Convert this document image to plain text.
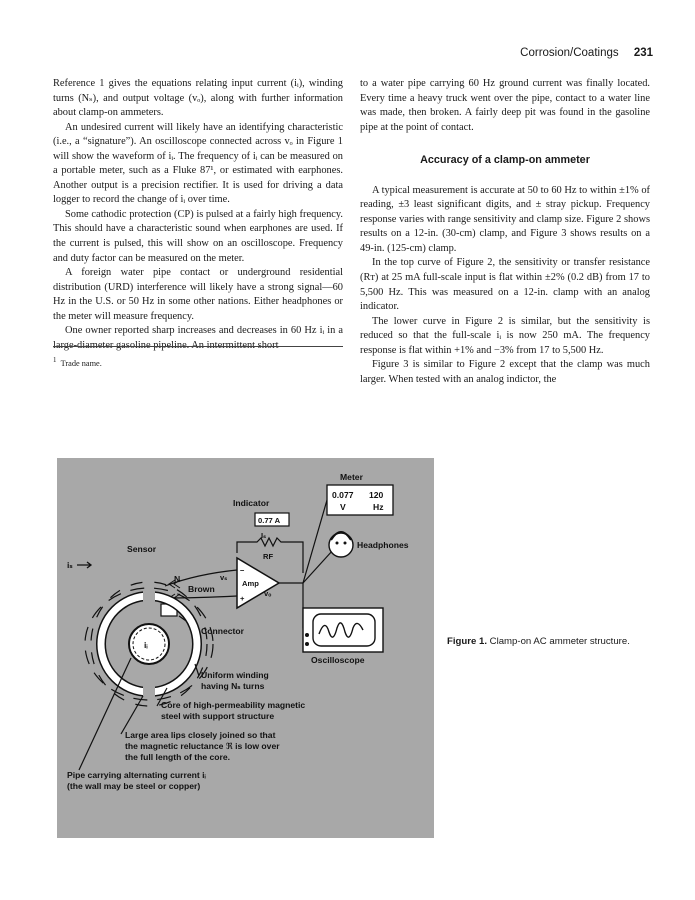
Corrosion/Coatings 231

Reference 1 gives the equations relating input current (iᵢ), winding turns (Nₛ), and output voltage (vₒ), along with further information about clamp-on ammeters.

An undesired current will likely have an identifying characteristic (i.e., a “signature”). An oscilloscope connected across vₒ in Figure 1 will show the waveform of iᵢ. The frequency of iᵢ can be measured on a portable meter, such as a Fluke 87¹, or estimated with earphones. Another output is a precision rectifier. It is used for driving a data logger to record the change of iᵢ over time.

Some cathodic protection (CP) is pulsed at a fairly high frequency. This should have a characteristic sound when earphones are used. If the current is pulsed, this will show on an oscilloscope. Frequency and duty factor can be measured on the meter.

A foreign water pipe contact or underground residential distribution (URD) interference will likely have a strong signal—60 Hz in the U.S. or 50 Hz in some other nations. Either headphones or the meter will measure frequency.

One owner reported sharp increases and decreases in 60 Hz iᵢ in a large-diameter gasoline pipeline. An intermittent short

$^1$ Trade name.

to a water pipe carrying 60 Hz ground current was finally located. Every time a heavy truck went over the pipe, contact to a water line was made, then broken. A fairly deep pit was found in the gasoline pipe at the point of contact.

Accuracy of a clamp-on ammeter

A typical measurement is accurate at 50 to 60 Hz to within ±1% of reading, ±3 least significant digits, and ± stray pickup. Frequency response varies with range sensitivity and clamp size. Figure 2 shows results on a 12-in. (30-cm) clamp, and Figure 3 shows results on a 49-in. (125-cm) clamp.

In the top curve of Figure 2, the sensitivity or transfer resistance (Rᴛ) at 25 mA full-scale input is flat within ±2% (0.2 dB) from 17 to 5,500 Hz. This was measured on a 12-in. clamp with an analog indicator.

The lower curve in Figure 2 is similar, but the sensitivity is reduced so that the full-scale iᵢ is now 250 mA. The frequency response is flat within +1% and −3% from 17 to 5,500 Hz.

Figure 3 is similar to Figure 2 except that the clamp was much larger. When tested with an analog indictor, the

Meter
0.077
V
120
Hz
Indicator
0.77 A
Iₛ
RF
−
Amp
+
vₒ
vₛ
Headphones
Oscilloscope
Sensor
iₛ
N
Brown
Connector
iᵢ
Uniform winding
having Nₛ turns
Core of high-permeability magnetic
steel with support structure
Large area lips closely joined so that
the magnetic reluctance ℜ is low over
the full length of the core.
Pipe carrying alternating current iᵢ
(the wall may be steel or copper)
Figure 1. Clamp-on AC ammeter structure.
